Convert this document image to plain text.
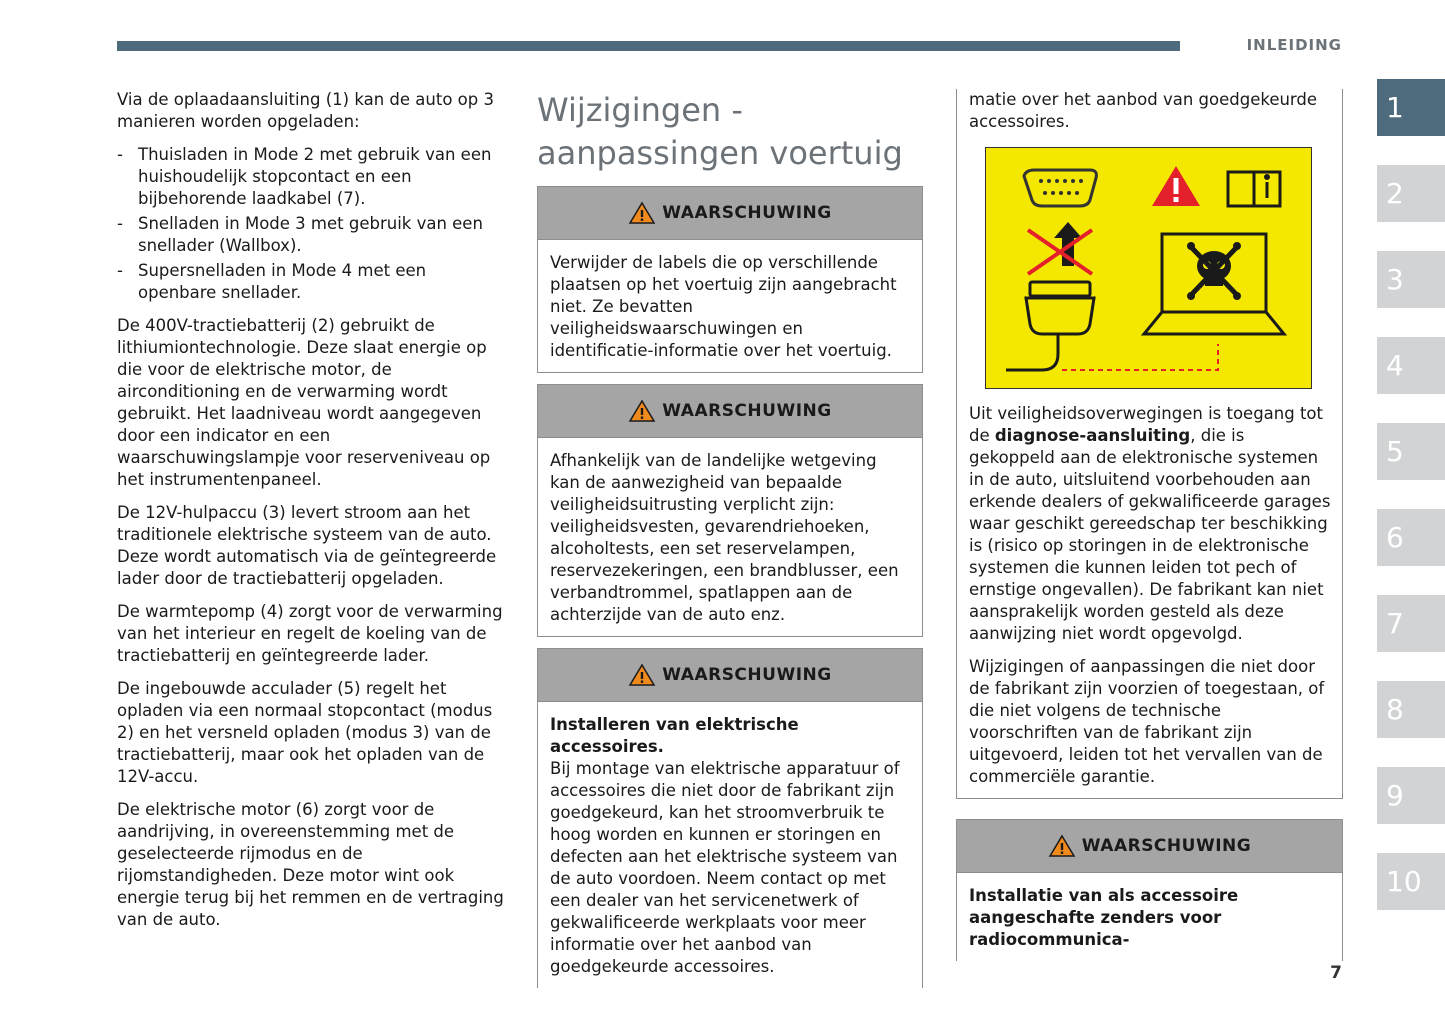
INLEIDING
1
2
3
4
5
6
7
8
9
10

Via de oplaadaansluiting (1) kan de auto op 3 manieren worden opgeladen:

- Thuisladen in Mode 2 met gebruik van een huishoudelijk stopcontact en een bijbehorende laadkabel (7).
- Snelladen in Mode 3 met gebruik van een snellader (Wallbox).
- Supersnelladen in Mode 4 met een openbare snellader.

De 400V-tractiebatterij (2) gebruikt de lithiumiontechnologie. Deze slaat energie op die voor de elektrische motor, de airconditioning en de verwarming wordt gebruikt. Het laadniveau wordt aangegeven door een indicator en een waarschuwingslampje voor reserveniveau op het instrumentenpaneel.

De 12V-hulpaccu (3) levert stroom aan het traditionele elektrische systeem van de auto. Deze wordt automatisch via de geïntegreerde lader door de tractiebatterij opgeladen.

De warmtepomp (4) zorgt voor de verwarming van het interieur en regelt de koeling van de tractiebatterij en geïntegreerde lader.

De ingebouwde acculader (5) regelt het opladen via een normaal stopcontact (modus 2) en het versneld opladen (modus 3) van de tractiebatterij, maar ook het opladen van de 12V-accu.

De elektrische motor (6) zorgt voor de aandrijving, in overeenstemming met de geselecteerde rijmodus en de rijomstandigheden. Deze motor wint ook energie terug bij het remmen en de vertraging van de auto.

Wijzigingen - aanpassingen voertuig
WAARSCHUWING

Verwijder de labels die op verschillende plaatsen op het voertuig zijn aangebracht niet. Ze bevatten veiligheidswaarschuwingen en identificatie-informatie over het voertuig.

WAARSCHUWING

Afhankelijk van de landelijke wetgeving kan de aanwezigheid van bepaalde veiligheidsuitrusting verplicht zijn: veiligheidsvesten, gevarendriehoeken, alcoholtests, een set reservelampen, reservezekeringen, een brandblusser, een verbandtrommel, spatlappen aan de achterzijde van de auto enz.

WAARSCHUWING

Installeren van elektrische accessoires.

Bij montage van elektrische apparatuur of accessoires die niet door de fabrikant zijn goedgekeurd, kan het stroomverbruik te hoog worden en kunnen er storingen en defecten aan het elektrische systeem van de auto voordoen. Neem contact op met een dealer van het servicenetwerk of gekwalificeerde werkplaats voor meer informatie over het aanbod van goedgekeurde accessoires.

matie over het aanbod van goedgekeurde accessoires.

Uit veiligheidsoverwegingen is toegang tot de diagnose-aansluiting, die is gekoppeld aan de elektronische systemen in de auto, uitsluitend voorbehouden aan erkende dealers of gekwalificeerde garages waar geschikt gereedschap ter beschikking is (risico op storingen in de elektronische systemen die kunnen leiden tot pech of ernstige ongevallen). De fabrikant kan niet aansprakelijk worden gesteld als deze aanwijzing niet wordt opgevolgd.

Wijzigingen of aanpassingen die niet door de fabrikant zijn voorzien of toegestaan, of die niet volgens de technische voorschriften van de fabrikant zijn uitgevoerd, leiden tot het vervallen van de commerciële garantie.

WAARSCHUWING

Installatie van als accessoire aangeschafte zenders voor radiocommunica-

7
